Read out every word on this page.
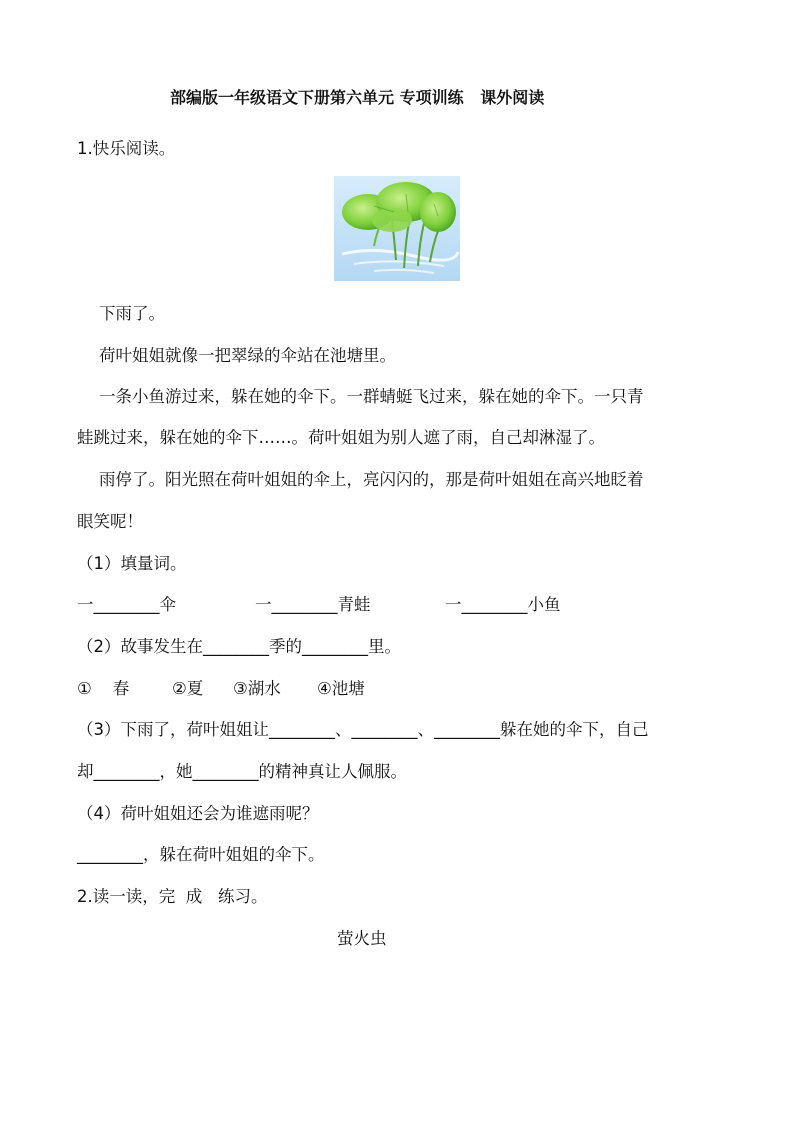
部编版一年级语文下册第六单元 专项训练   课外阅读
1.快乐阅读。
下雨了。
荷叶姐姐就像一把翠绿的伞站在池塘里。
一条小鱼游过来，躲在她的伞下。一群蜻蜓飞过来，躲在她的伞下。一只青
蛙跳过来，躲在她的伞下……。荷叶姐姐为别人遮了雨，自己却淋湿了。
雨停了。阳光照在荷叶姐姐的伞上，亮闪闪的，那是荷叶姐姐在高兴地眨着
眼笑呢！
（1）填量词。
一________伞	一________青蛙	一________小鱼
（2）故事发生在________季的________里。
①    春	②夏 ③湖水 ④池塘
（3）下雨了，荷叶姐姐让________、________、________躲在她的伞下，自己
却________，她________的精神真让人佩服。
（4）荷叶姐姐还会为谁遮雨呢？
________，躲在荷叶姐姐的伞下。
2.读一读，完  成   练习。
萤火虫
